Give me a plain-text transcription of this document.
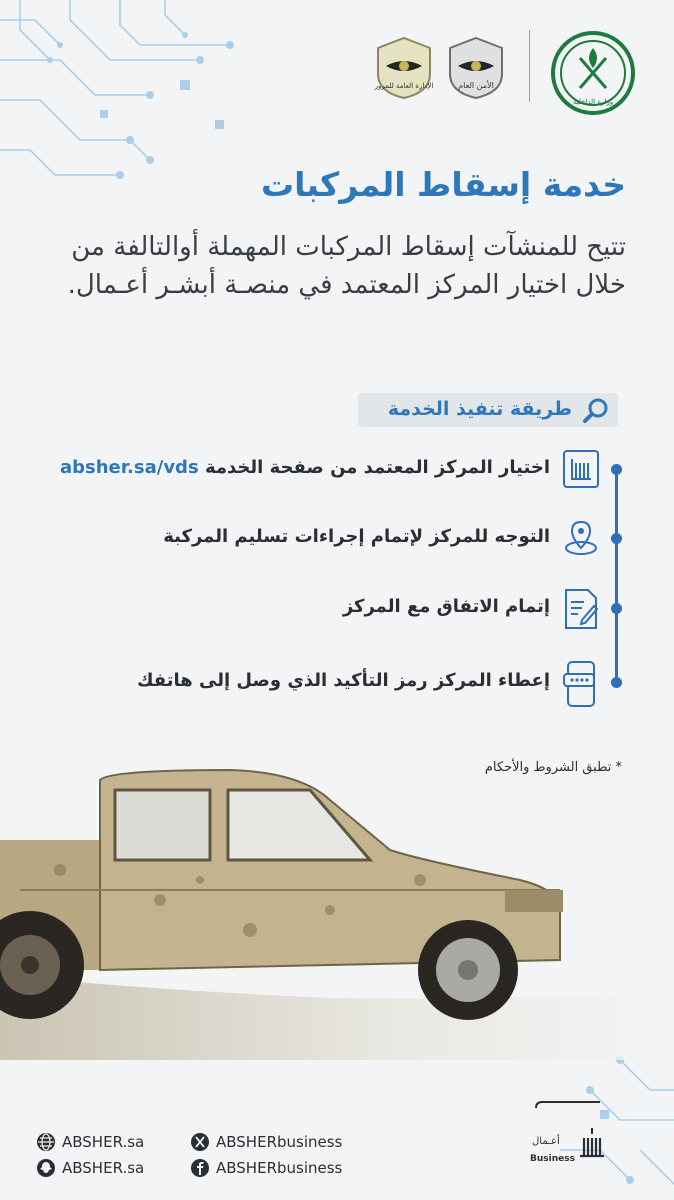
الإدارة العامة للمرور	الأمن العام
وزارة الداخلية
خدمة إسقاط المركبات
تتيح للمنشآت إسقاط المركبات المهملة أوالتالفة من
خلال اختيار المركز المعتمد في منصـة أبشـر أعـمال.
طريقة تنفيذ الخدمة
اختيار المركز المعتمد من صفحة الخدمة absher.sa/vds
التوجه للمركز لإتمام إجراءات تسليم المركبة
إتمام الاتفاق مع المركز
إعطاء المركز رمز التأكيد الذي وصل إلى هاتفك
* تطبق الشروط والأحكام
ABSHER.sa
ABSHER.sa
ABSHERbusiness
ABSHERbusiness
أعـمال
Business
